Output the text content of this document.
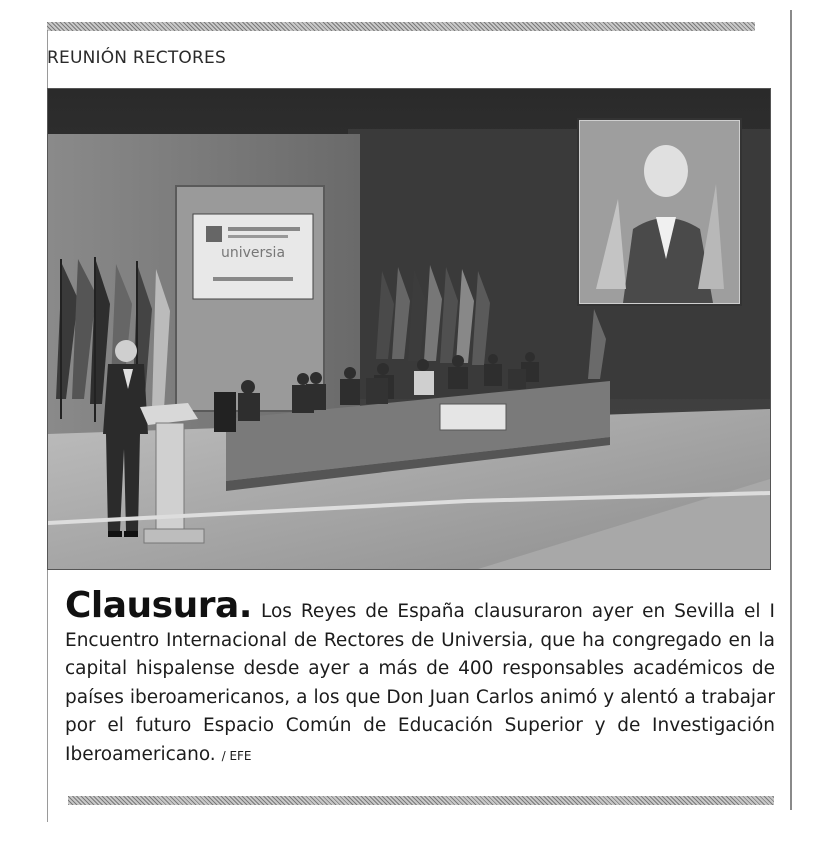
REUNIÓN RECTORES
universia
Clausura. Los Reyes de España clausuraron ayer en Sevilla el I Encuentro Internacional de Rectores de Universia, que ha congregado en la capital hispalense desde ayer a más de 400 responsables académicos de países iberoamericanos, a los que Don Juan Carlos animó y alentó a trabajar por el futuro Espacio Común de Educación Superior y de Investigación Iberoamericano. / EFE
